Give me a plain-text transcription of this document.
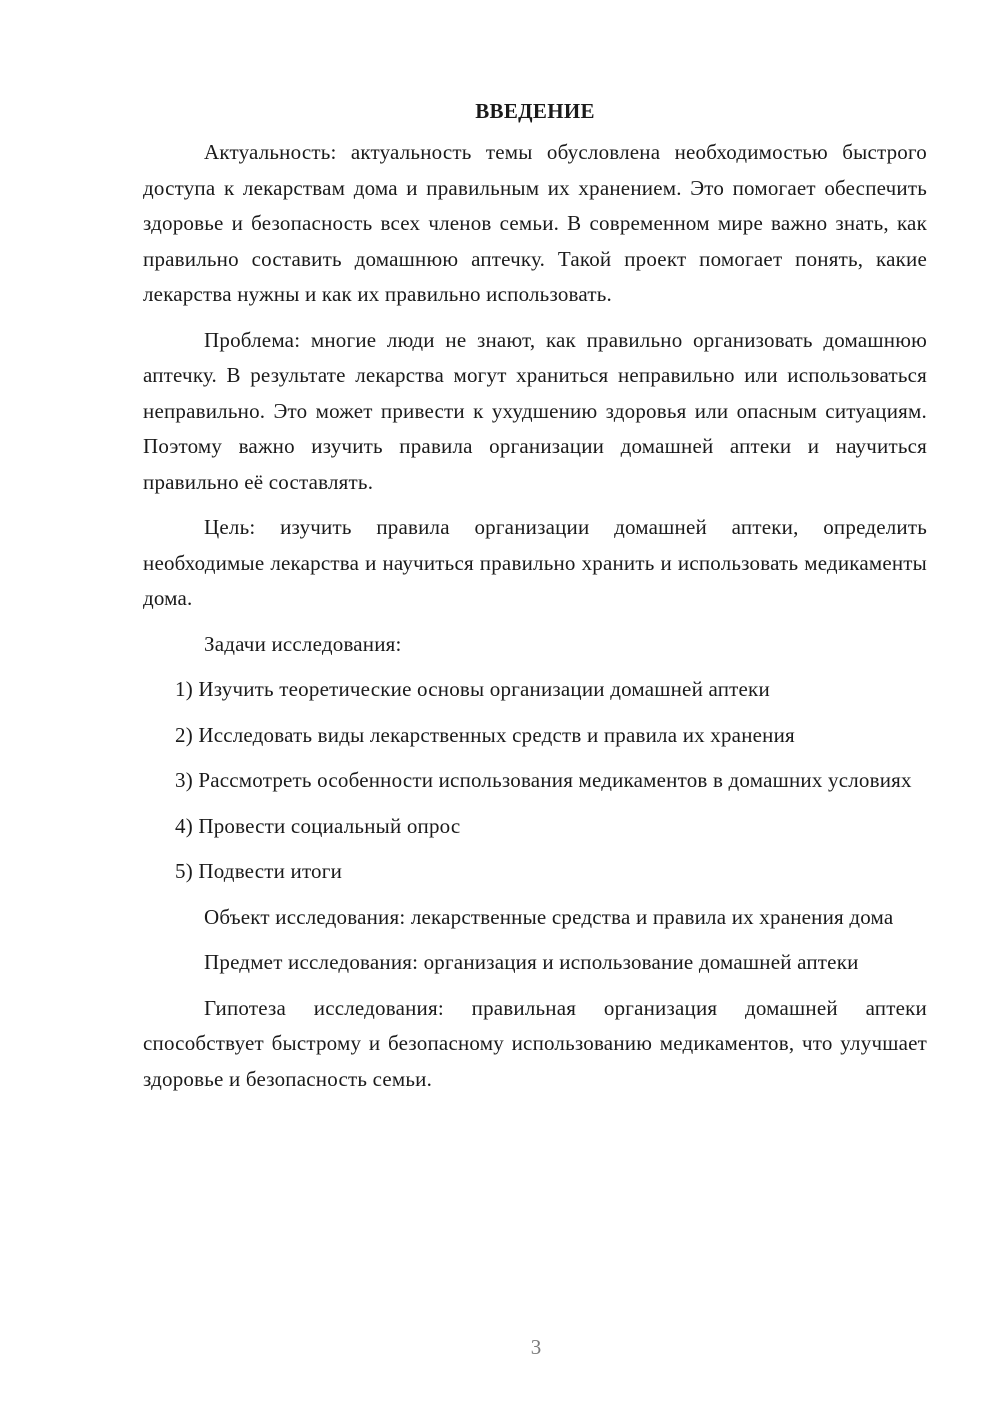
ВВЕДЕНИЕ

Актуальность: актуальность темы обусловлена необходимостью быстрого доступа к лекарствам дома и правильным их хранением. Это помогает обеспечить здоровье и безопасность всех членов семьи. В современном мире важно знать, как правильно составить домашнюю аптечку. Такой проект помогает понять, какие лекарства нужны и как их правильно использовать.

Проблема: многие люди не знают, как правильно организовать домашнюю аптечку. В результате лекарства могут храниться неправильно или использоваться неправильно. Это может привести к ухудшению здоровья или опасным ситуациям. Поэтому важно изучить правила организации домашней аптеки и научиться правильно её составлять.

Цель: изучить правила организации домашней аптеки, определить необходимые лекарства и научиться правильно хранить и использовать медикаменты дома.

Задачи исследования:

1) Изучить теоретические основы организации домашней аптеки

2) Исследовать виды лекарственных средств и правила их хранения

3) Рассмотреть особенности использования медикаментов в домашних условиях

4) Провести социальный опрос

5) Подвести итоги

Объект исследования: лекарственные средства и правила их хранения дома

Предмет исследования: организация и использование домашней аптеки

Гипотеза исследования: правильная организация домашней аптеки способствует быстрому и безопасному использованию медикаментов, что улучшает здоровье и безопасность семьи.

3
